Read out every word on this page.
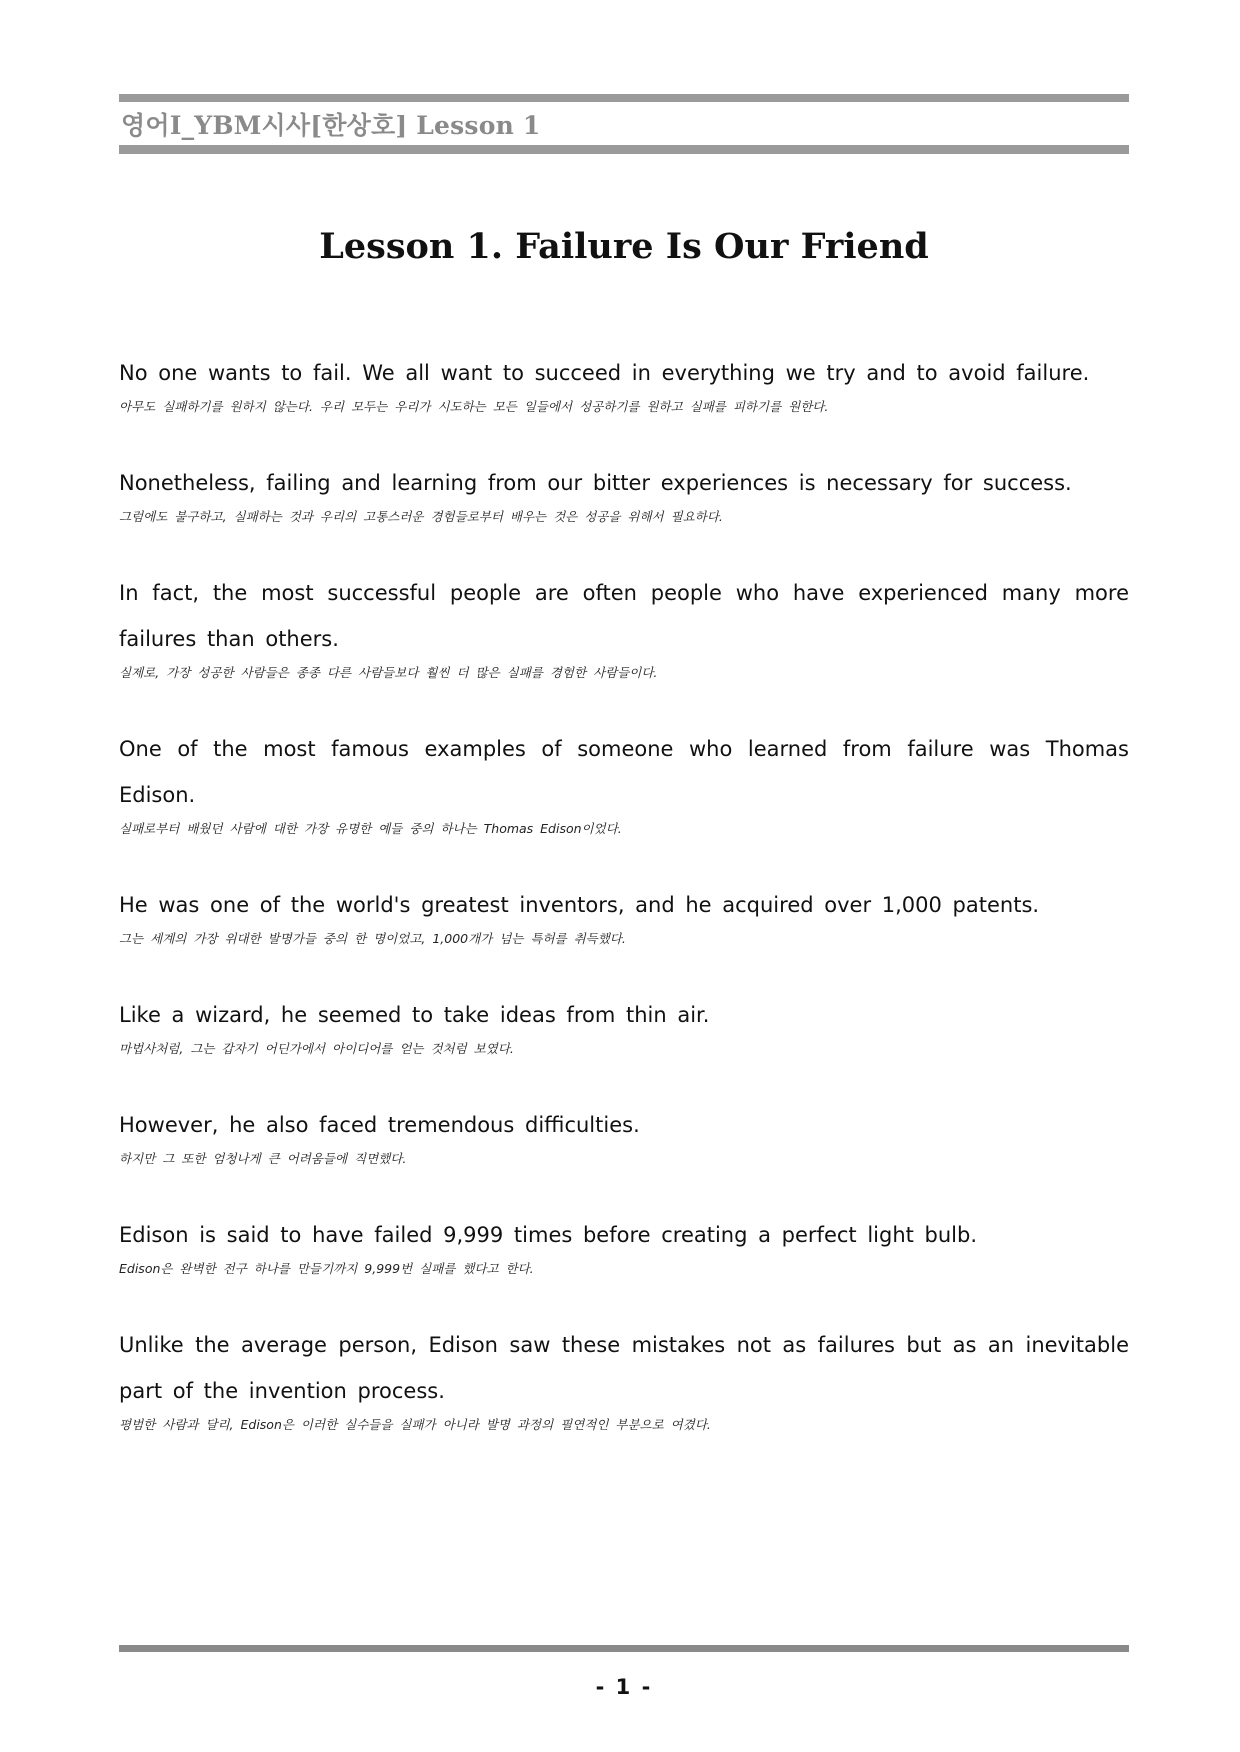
영어I_YBM시사[한상호] Lesson 1
Lesson 1. Failure Is Our Friend

No one wants to fail. We all want to succeed in everything we try and to avoid failure.

아무도 실패하기를 원하지 않는다. 우리 모두는 우리가 시도하는 모든 일들에서 성공하기를 원하고 실패를 피하기를 원한다.

Nonetheless, failing and learning from our bitter experiences is necessary for success.

그럼에도 불구하고, 실패하는 것과 우리의 고통스러운 경험들로부터 배우는 것은 성공을 위해서 필요하다.

In fact, the most successful people are often people who have experienced many more failures than others.

실제로, 가장 성공한 사람들은 종종 다른 사람들보다 훨씬 더 많은 실패를 경험한 사람들이다.

One of the most famous examples of someone who learned from failure was Thomas Edison.

실패로부터 배웠던 사람에 대한 가장 유명한 예들 중의 하나는 Thomas Edison이었다.

He was one of the world's greatest inventors, and he acquired over 1,000 patents.

그는 세계의 가장 위대한 발명가들 중의 한 명이었고, 1,000개가 넘는 특허를 취득했다.

Like a wizard, he seemed to take ideas from thin air.

마법사처럼, 그는 갑자기 어딘가에서 아이디어를 얻는 것처럼 보였다.

However, he also faced tremendous difficulties.

하지만 그 또한 엄청나게 큰 어려움들에 직면했다.

Edison is said to have failed 9,999 times before creating a perfect light bulb.

Edison은 완벽한 전구 하나를 만들기까지 9,999번 실패를 했다고 한다.

Unlike the average person, Edison saw these mistakes not as failures but as an inevitable part of the invention process.

평범한 사람과 달리, Edison은 이러한 실수들을 실패가 아니라 발명 과정의 필연적인 부분으로 여겼다.

- 1 -
